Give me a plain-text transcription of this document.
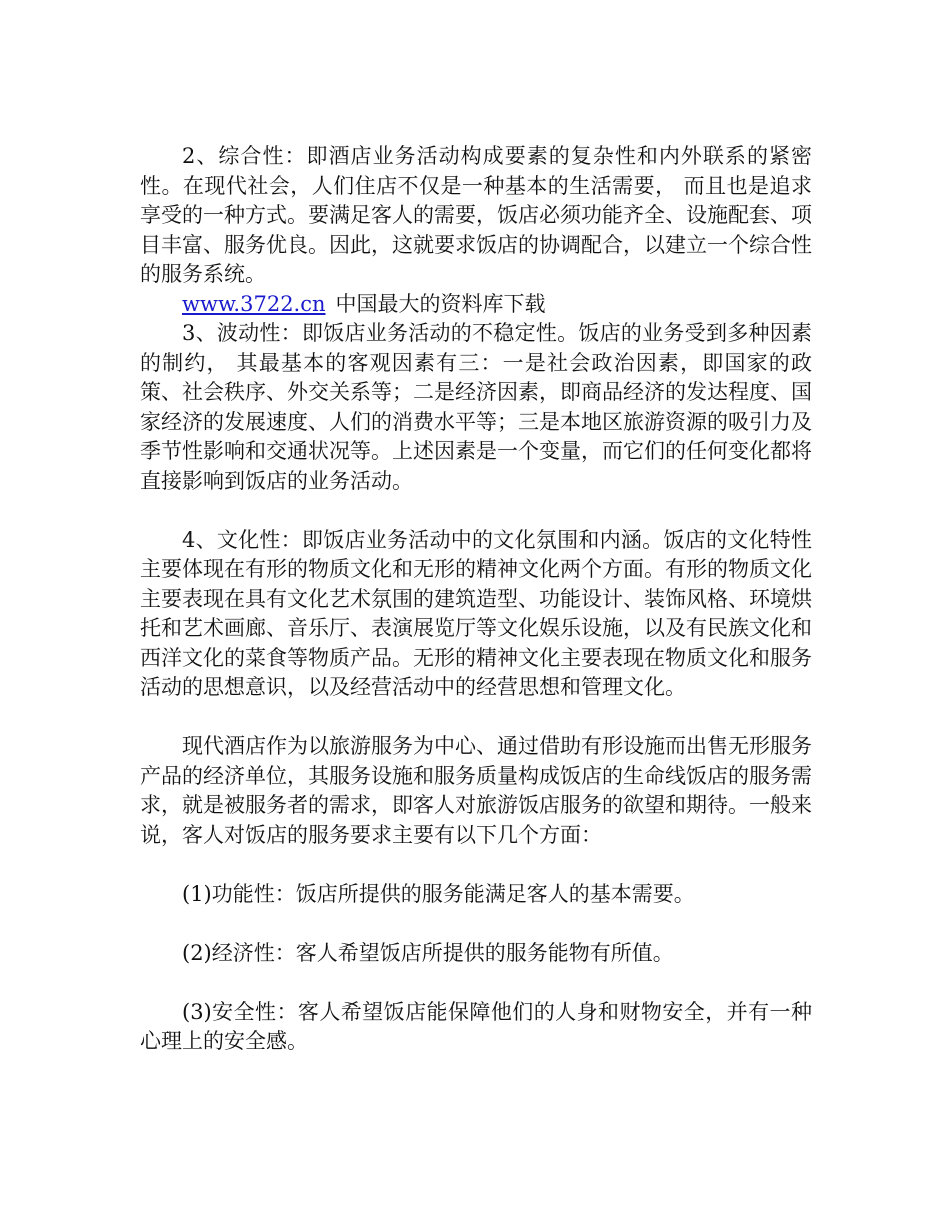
2、综合性：即酒店业务活动构成要素的复杂性和内外联系的紧密性。在现代社会，人们住店不仅是一种基本的生活需要， 而且也是追求享受的一种方式。要满足客人的需要，饭店必须功能齐全、设施配套、项目丰富、服务优良。因此，这就要求饭店的协调配合，以建立一个综合性的服务系统。

www.3722.cn 中国最大的资料库下载

3、波动性：即饭店业务活动的不稳定性。饭店的业务受到多种因素的制约， 其最基本的客观因素有三：一是社会政治因素，即国家的政策、社会秩序、外交关系等；二是经济因素，即商品经济的发达程度、国家经济的发展速度、人们的消费水平等；三是本地区旅游资源的吸引力及季节性影响和交通状况等。上述因素是一个变量，而它们的任何变化都将直接影响到饭店的业务活动。

4、文化性：即饭店业务活动中的文化氛围和内涵。饭店的文化特性主要体现在有形的物质文化和无形的精神文化两个方面。有形的物质文化主要表现在具有文化艺术氛围的建筑造型、功能设计、装饰风格、环境烘托和艺术画廊、音乐厅、表演展览厅等文化娱乐设施，以及有民族文化和西洋文化的菜食等物质产品。无形的精神文化主要表现在物质文化和服务活动的思想意识，以及经营活动中的经营思想和管理文化。

现代酒店作为以旅游服务为中心、通过借助有形设施而出售无形服务产品的经济单位，其服务设施和服务质量构成饭店的生命线饭店的服务需求，就是被服务者的需求，即客人对旅游饭店服务的欲望和期待。一般来说，客人对饭店的服务要求主要有以下几个方面：

(1)功能性：饭店所提供的服务能满足客人的基本需要。

(2)经济性：客人希望饭店所提供的服务能物有所值。

(3)安全性：客人希望饭店能保障他们的人身和财物安全，并有一种心理上的安全感。
